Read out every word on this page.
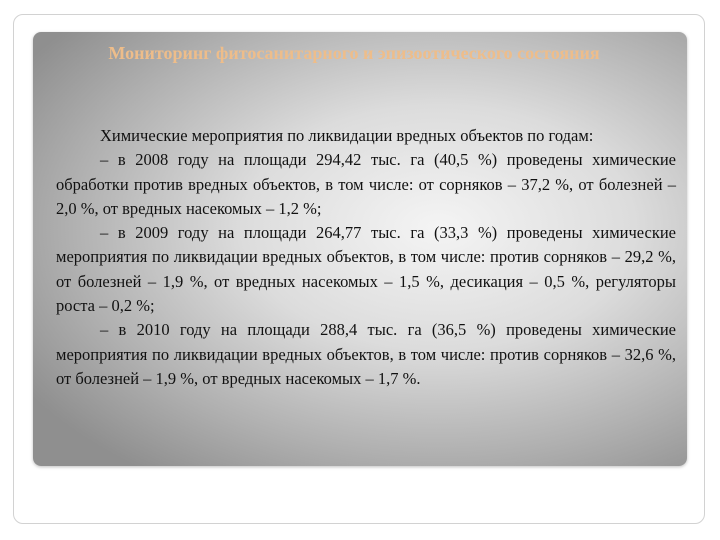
Мониторинг фитосанитарного и эпизоотического состояния

Химические мероприятия по ликвидации вредных объектов по годам:

– в 2008 году на площади 294,42 тыс. га (40,5 %) проведены химические обработки против вредных объектов, в том числе: от сорняков – 37,2 %, от болезней – 2,0 %, от вредных насекомых – 1,2 %;

– в 2009 году на площади 264,77 тыс. га (33,3 %) проведены химические мероприятия по ликвидации вредных объектов, в том числе: против сорняков – 29,2 %, от болезней – 1,9 %, от вредных насекомых – 1,5 %, десикация – 0,5 %, регуляторы роста – 0,2 %;

– в 2010 году на площади 288,4 тыс. га (36,5 %) проведены химические мероприятия по ликвидации вредных объектов, в том числе: против сорняков – 32,6 %, от болезней – 1,9 %, от вредных насекомых – 1,7 %.
